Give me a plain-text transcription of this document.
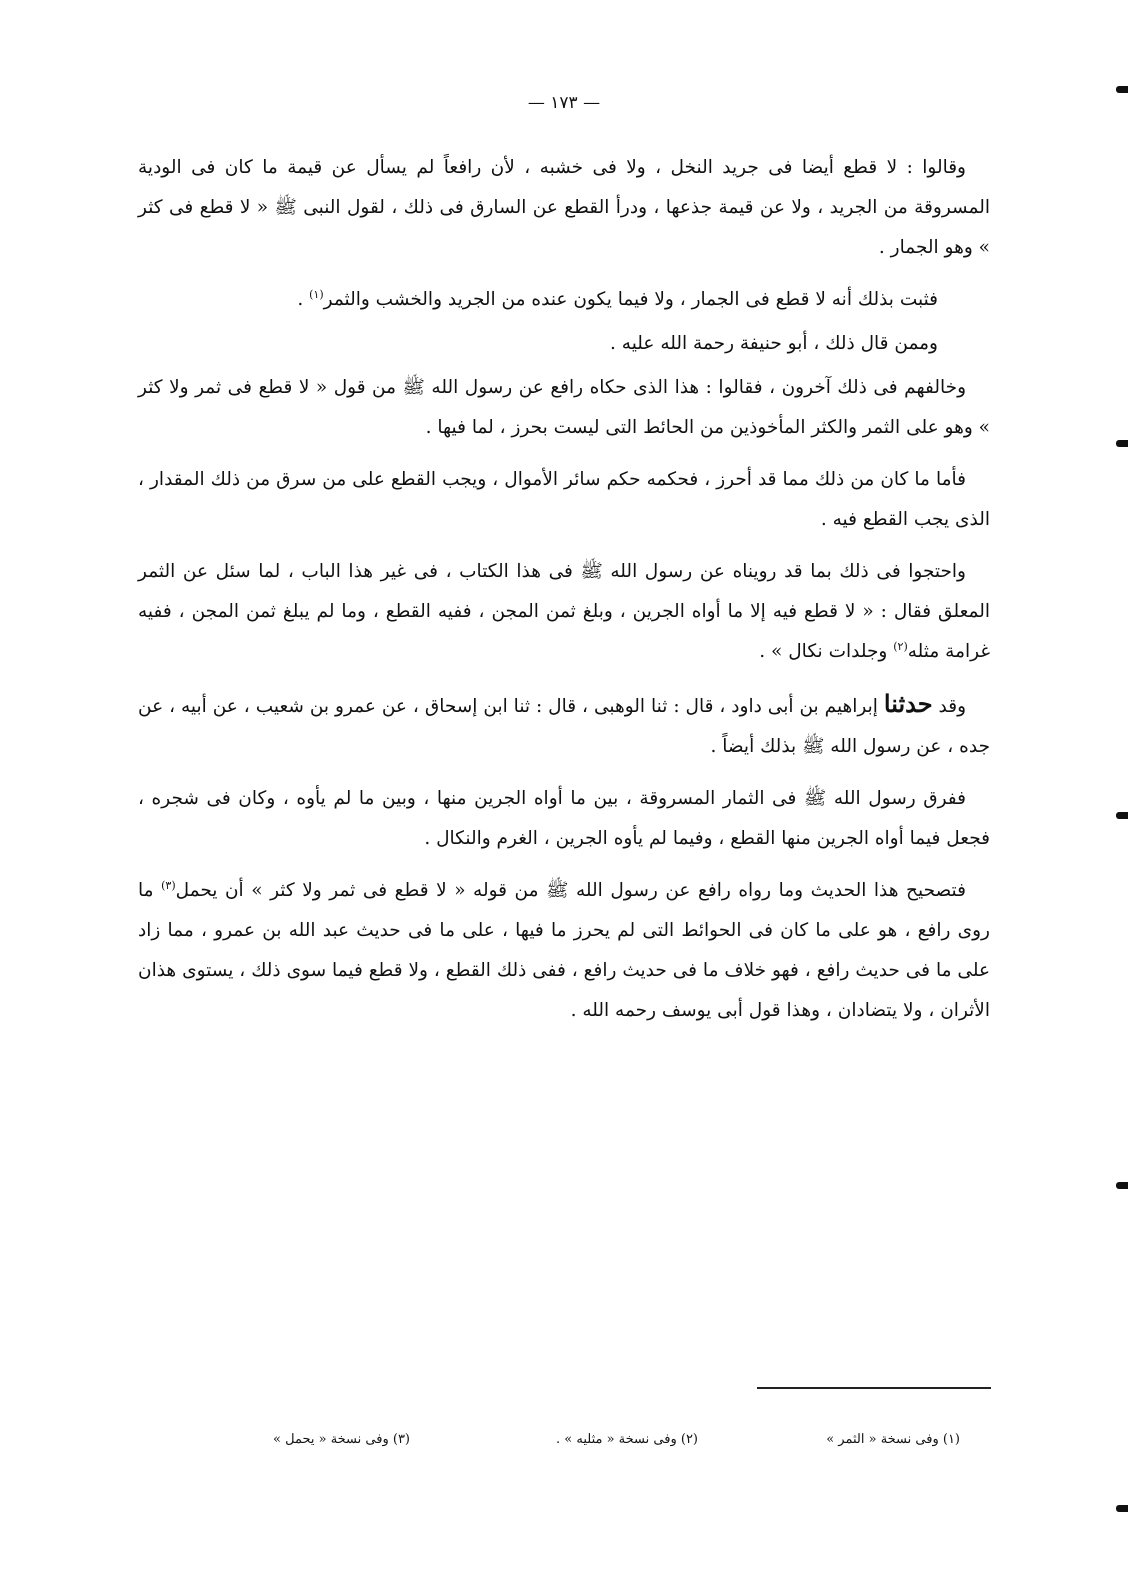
— ١٧٣ —

وقالوا : لا قطع أيضا فى جريد النخل ، ولا فى خشبه ، لأن رافعاً لم يسأل عن قيمة ما كان فى الودية المسروقة من الجريد ، ولا عن قيمة جذعها ، ودرأ القطع عن السارق فى ذلك ، لقول النبى ﷺ « لا قطع فى كثر » وهو الجمار .

فثبت بذلك أنه لا قطع فى الجمار ، ولا فيما يكون عنده من الجريد والخشب والثمر$^{(١)}$ .

وممن قال ذلك ، أبو حنيفة رحمة الله عليه .

وخالفهم فى ذلك آخرون ، فقالوا : هذا الذى حكاه رافع عن رسول الله ﷺ من قول « لا قطع فى ثمر ولا كثر » وهو على الثمر والكثر المأخوذين من الحائط التى ليست بحرز ، لما فيها .

فأما ما كان من ذلك مما قد أحرز ، فحكمه حكم سائر الأموال ، ويجب القطع على من سرق من ذلك المقدار ، الذى يجب القطع فيه .

واحتجوا فى ذلك بما قد رويناه عن رسول الله ﷺ فى هذا الكتاب ، فى غير هذا الباب ، لما سئل عن الثمر المعلق فقال : « لا قطع فيه إلا ما أواه الجرين ، وبلغ ثمن المجن ، ففيه القطع ، وما لم يبلغ ثمن المجن ، ففيه غرامة مثله$^{(٢)}$ وجلدات نكال » .

وقد حدثنا إبراهيم بن أبى داود ، قال : ثنا الوهبى ، قال : ثنا ابن إسحاق ، عن عمرو بن شعيب ، عن أبيه ، عن جده ، عن رسول الله ﷺ بذلك أيضاً .

ففرق رسول الله ﷺ فى الثمار المسروقة ، بين ما أواه الجرين منها ، وبين ما لم يأوه ، وكان فى شجره ، فجعل فيما أواه الجرين منها القطع ، وفيما لم يأوه الجرين ، الغرم والنكال .

فتصحيح هذا الحديث وما رواه رافع عن رسول الله ﷺ من قوله « لا قطع فى ثمر ولا كثر » أن يحمل$^{(٣)}$ ما روى رافع ، هو على ما كان فى الحوائط التى لم يحرز ما فيها ، على ما فى حديث عبد الله بن عمرو ، مما زاد على ما فى حديث رافع ، فهو خلاف ما فى حديث رافع ، ففى ذلك القطع ، ولا قطع فيما سوى ذلك ، يستوى هذان الأثران ، ولا يتضادان ، وهذا قول أبى يوسف رحمه الله .

(١) وفى نسخة « الثمر »
(٢) وفى نسخة « مثليه » .
(٣) وفى نسخة « يحمل »
